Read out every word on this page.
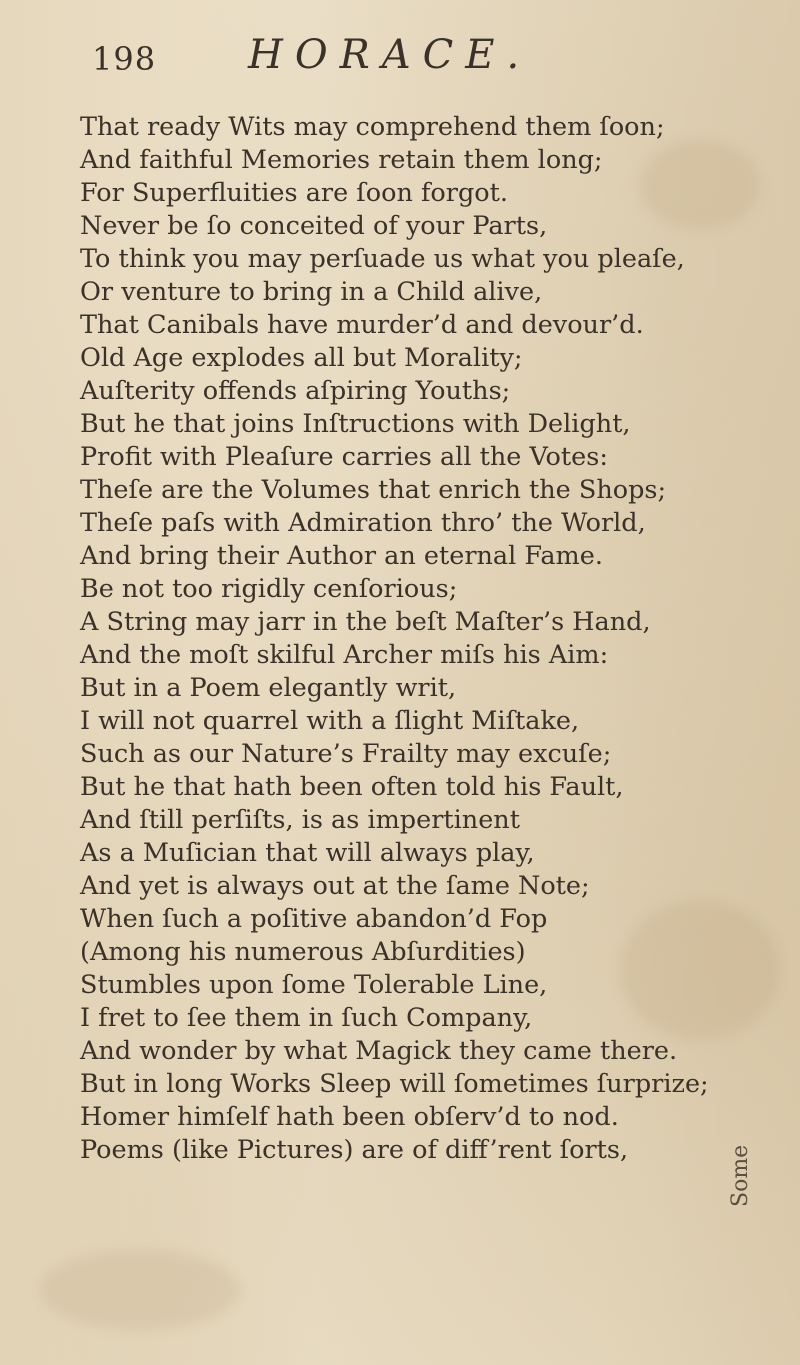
198 HORACE.
That ready Wits may comprehend them ſoon;
And faithful Memories retain them long;
For Superfluities are ſoon forgot.
Never be ſo conceited of your Parts,
To think you may perſuade us what you pleaſe,
Or venture to bring in a Child alive,
That Canibals have murder’d and devour’d.
Old Age explodes all but Morality;
Auſterity offends aſpiring Youths;
But he that joins Inſtructions with Delight,
Profit with Pleaſure carries all the Votes:
Theſe are the Volumes that enrich the Shops;
Theſe paſs with Admiration thro’ the World,
And bring their Author an eternal Fame.
Be not too rigidly cenſorious;
A String may jarr in the beſt Maſter’s Hand,
And the moſt skilful Archer miſs his Aim:
But in a Poem elegantly writ,
I will not quarrel with a ſlight Miſtake,
Such as our Nature’s Frailty may excuſe;
But he that hath been often told his Fault,
And ſtill perſiſts, is as impertinent
As a Muſician that will always play,
And yet is always out at the ſame Note;
When ſuch a poſitive abandon’d Fop
(Among his numerous Abſurdities)
Stumbles upon ſome Tolerable Line,
I fret to ſee them in ſuch Company,
And wonder by what Magick they came there.
But in long Works Sleep will ſometimes ſurprize;
Homer himſelf hath been obſerv’d to nod.
Poems (like Pictures) are of diff’rent ſorts,	Some
